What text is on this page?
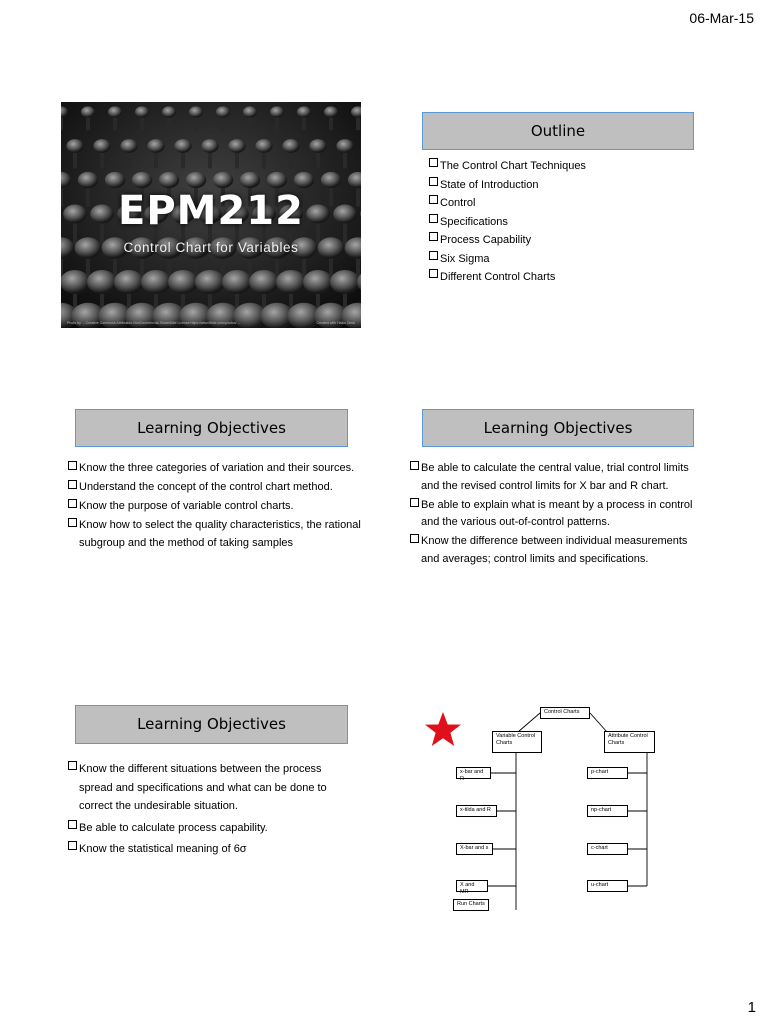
06-Mar-15
EPM212
Control Chart for Variables
Photo by ... Creative Commons Attribution-NonCommercial-ShareAlike License https://www.flickr.com/photos/ ...	Created with Haiku Deck
Outline
The Control Chart Techniques
State of Introduction
Control
Specifications
Process Capability
Six Sigma
Different Control Charts
Learning Objectives
Know the three categories of variation and their sources.
Understand the concept of the control chart method.
Know the purpose of variable control charts.
Know how to select the quality characteristics, the rational subgroup and the method of taking samples
Learning Objectives
Be able to calculate the central value, trial control limits and the revised control limits for X bar and R chart.
Be able to explain what is meant by a process in control and the various out-of-control patterns.
Know the difference between individual measurements and averages; control limits and specifications.
Learning Objectives
Know the different situations between the process spread and specifications and what can be done to correct the undesirable situation.
Be able to calculate process capability.
Know the statistical meaning of 6σ
Control Charts
Variable Control Charts
Attribute Control Charts
x-bar and R
x-tilda and R
X-bar and s
X and MR
Run Charts
p-chart
np-chart
c-chart
u-chart
1
